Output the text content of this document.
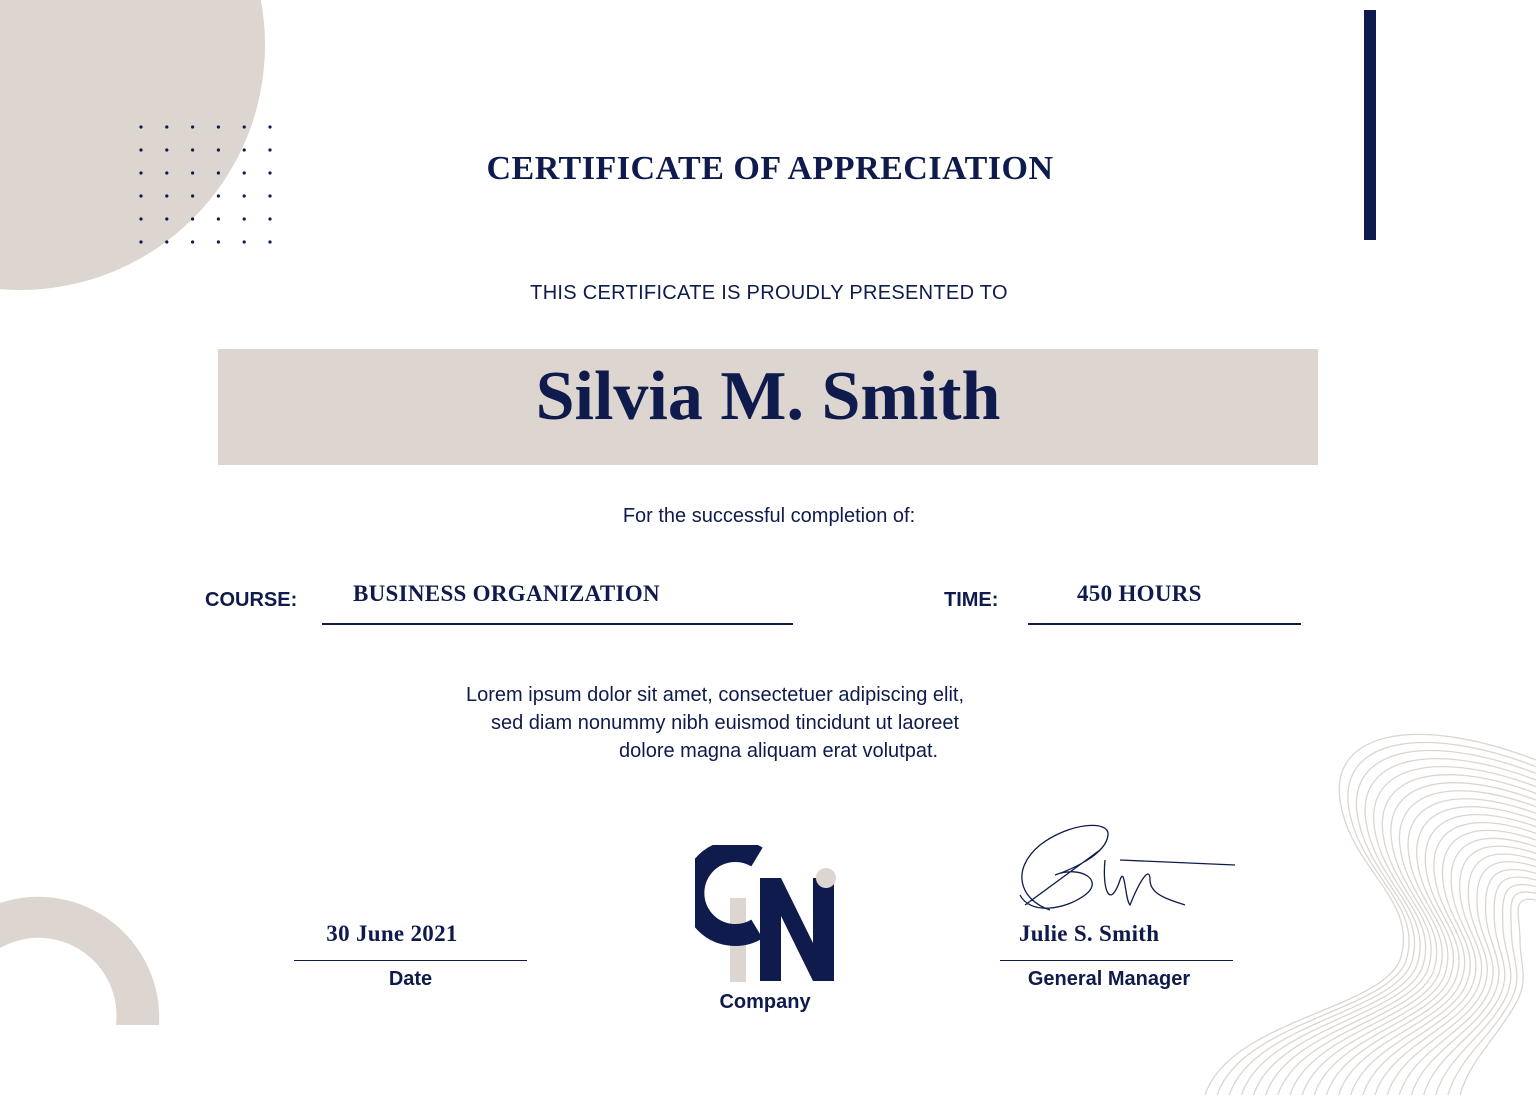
CERTIFICATE OF APPRECIATION
THIS CERTIFICATE IS PROUDLY PRESENTED TO
Silvia M. Smith
For the successful completion of:
COURSE: BUSINESS ORGANIZATION	TIME:	450 HOURS
Lorem ipsum dolor sit amet, consectetuer adipiscing elit,
sed diam nonummy nibh euismod tincidunt ut laoreet
dolore magna aliquam erat volutpat.
30 June 2021
Date
Company
Julie S. Smith
General Manager
